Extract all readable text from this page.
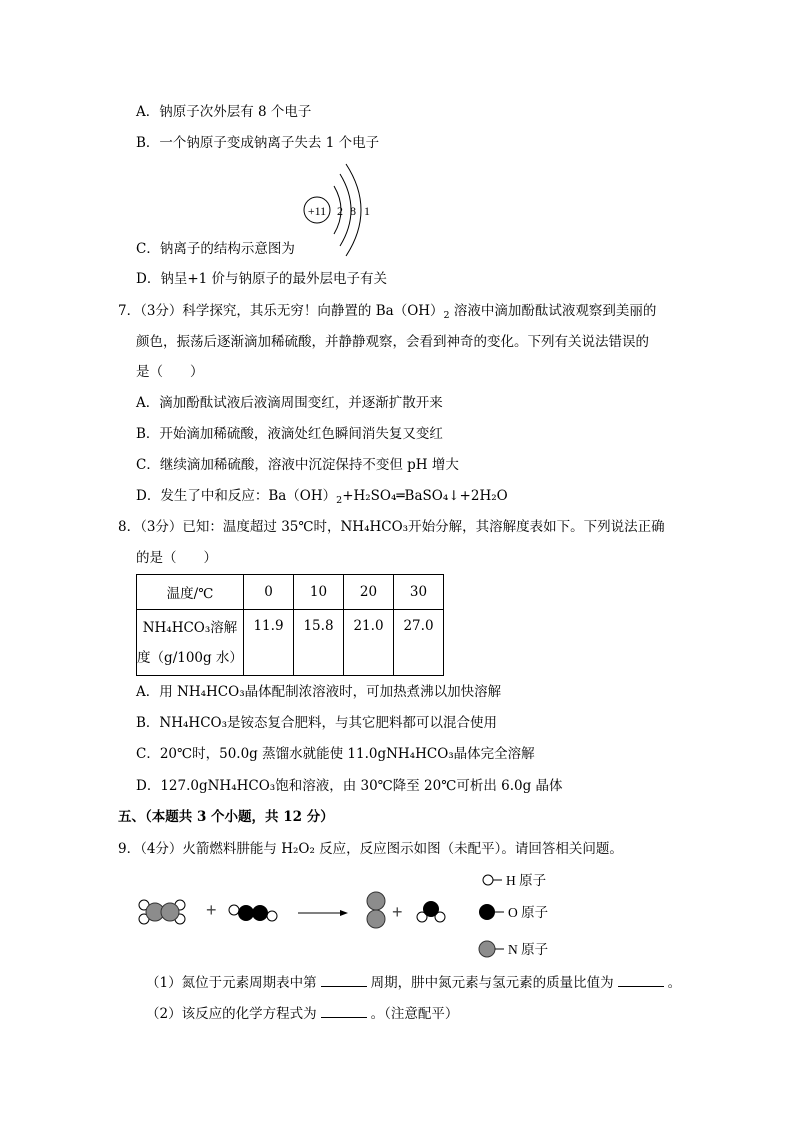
A．钠原子次外层有 8 个电子
B．一个钠原子变成钠离子失去 1 个电子
+11 2 8 1
C．钠离子的结构示意图为
D．钠呈+1 价与钠原子的最外层电子有关
7．（3分）科学探究，其乐无穷！向静置的 $Ba(OH)_2$ 溶液中滴加酚酞试液观察到美丽的
颜色，振荡后逐渐滴加稀硫酸，并静静观察，会看到神奇的变化。下列有关说法错误的
是（　　）
A．滴加酚酞试液后液滴周围变红，并逐渐扩散开来
B．开始滴加稀硫酸，液滴处红色瞬间消失复又变红
C．继续滴加稀硫酸，溶液中沉淀保持不变但 pH 增大
D．发生了中和反应：$Ba(OH)_2+H_2SO_4═BaSO_4↓+2H_2O$
8．（3分）已知：温度超过 35℃时，NH₄HCO₃开始分解，其溶解度表如下。下列说法正确
的是（　　）
温度/℃	0	10	20	30

NH₄HCO₃溶解
度（g/100g 水）	11.9	15.8	21.0	27.0
A．用 NH₄HCO₃晶体配制浓溶液时，可加热煮沸以加快溶解
B．NH₄HCO₃是铵态复合肥料，与其它肥料都可以混合使用
C．20℃时，50.0g 蒸馏水就能使 11.0gNH₄HCO₃晶体完全溶解
D．127.0gNH₄HCO₃饱和溶液，由 30℃降至 20℃可析出 6.0g 晶体
五、（本题共 3 个小题，共 12 分）
9．（4分）火箭燃料肼能与 H₂O₂ 反应，反应图示如图（未配平）。请回答相关问题。
+	+
H 原子
O 原子
N 原子
（1）氮位于元素周期表中第	周期，肼中氮元素与氢元素的质量比值为	。
（2）该反应的化学方程式为	。（注意配平）
